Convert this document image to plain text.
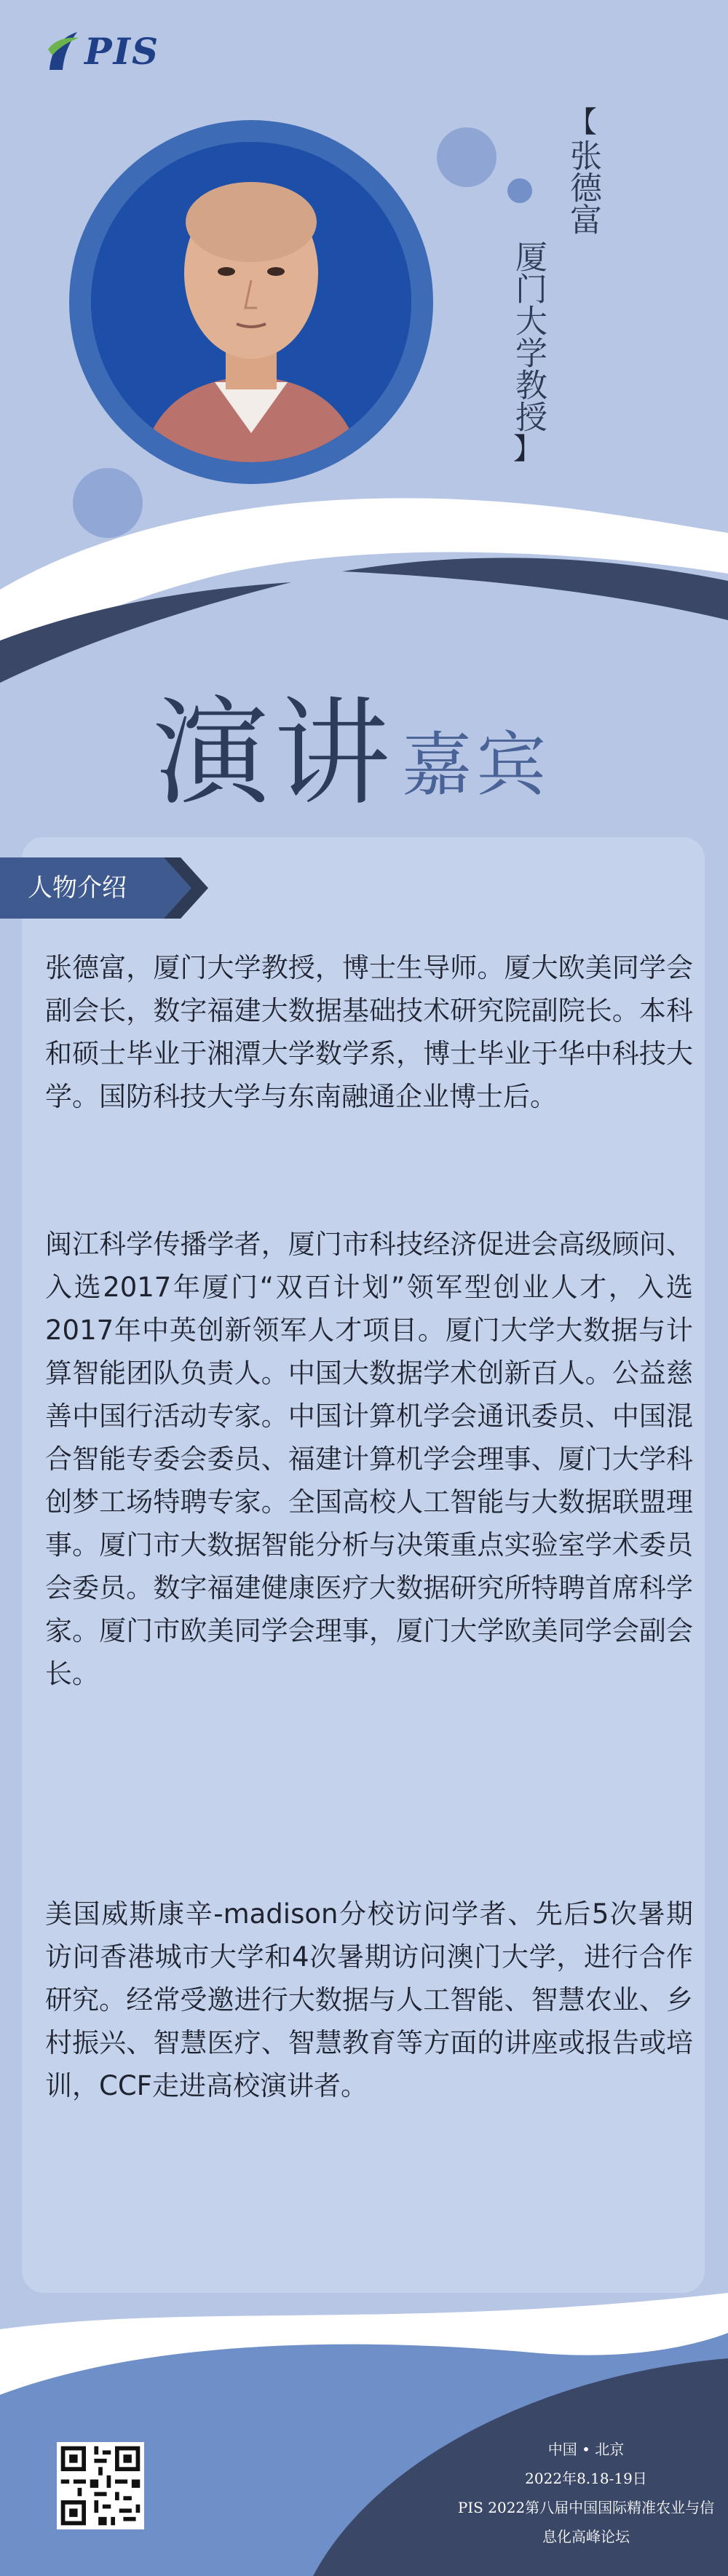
PIS
【
张德富
厦门大学教授
】
演讲 嘉宾
人物介绍

张德富，厦门大学教授，博士生导师。厦大欧美同学会副会长，数字福建大数据基础技术研究院副院长。本科和硕士毕业于湘潭大学数学系，博士毕业于华中科技大学。国防科技大学与东南融通企业博士后。

闽江科学传播学者，厦门市科技经济促进会高级顾问、入选2017年厦门“双百计划”领军型创业人才，入选2017年中英创新领军人才项目。厦门大学大数据与计算智能团队负责人。中国大数据学术创新百人。公益慈善中国行活动专家。中国计算机学会通讯委员、中国混合智能专委会委员、福建计算机学会理事、厦门大学科创梦工场特聘专家。全国高校人工智能与大数据联盟理事。厦门市大数据智能分析与决策重点实验室学术委员会委员。数字福建健康医疗大数据研究所特聘首席科学家。厦门市欧美同学会理事，厦门大学欧美同学会副会长。

美国威斯康辛-madison分校访问学者、先后5次暑期访问香港城市大学和4次暑期访问澳门大学，进行合作研究。经常受邀进行大数据与人工智能、智慧农业、乡村振兴、智慧医疗、智慧教育等方面的讲座或报告或培训，CCF走进高校演讲者。

中国 • 北京
2022年8.18-19日
PIS 2022第八届中国国际精准农业与信息化高峰论坛
